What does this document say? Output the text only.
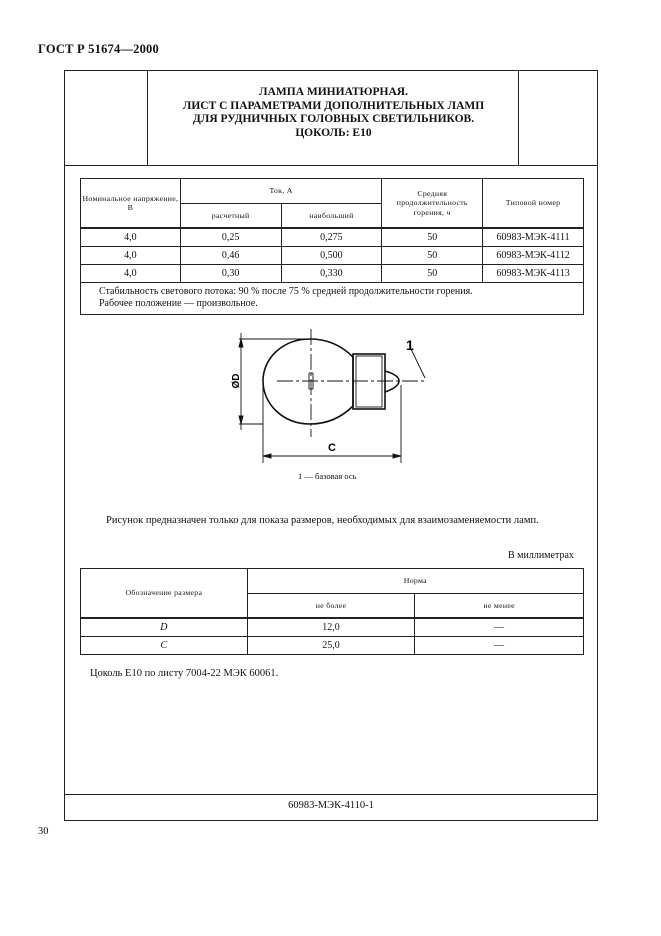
ГОСТ Р 51674—2000
ЛАМПА МИНИАТЮРНАЯ.
ЛИСТ С ПАРАМЕТРАМИ ДОПОЛНИТЕЛЬНЫХ ЛАМП
ДЛЯ РУДНИЧНЫХ ГОЛОВНЫХ СВЕТИЛЬНИКОВ.
ЦОКОЛЬ: Е10
Номинальное напряжение, В	Ток, А		Средняя продолжительность горения, ч	Типовой номер
	расчетный	наибольший		
4,0	0,25	0,275	50	60983-МЭК-4111
4,0	0,46	0,500	50	60983-МЭК-4112
4,0	0,30	0,330	50	60983-МЭК-4113

Стабильность светового потока: 90 % после 75 % средней продолжительности горения.
Рабочее положение — произвольное.				
ØD
C
1
1 — базовая ось
Рисунок предназначен только для показа размеров, необходимых для взаимозаменяемости ламп.
В миллиметрах
Обозначение размера	Норма	
	не более	не менее
D	12,0	—
C	25,0	—
Цоколь Е10 по листу 7004-22 МЭК 60061.
60983-МЭК-4110-1
30
